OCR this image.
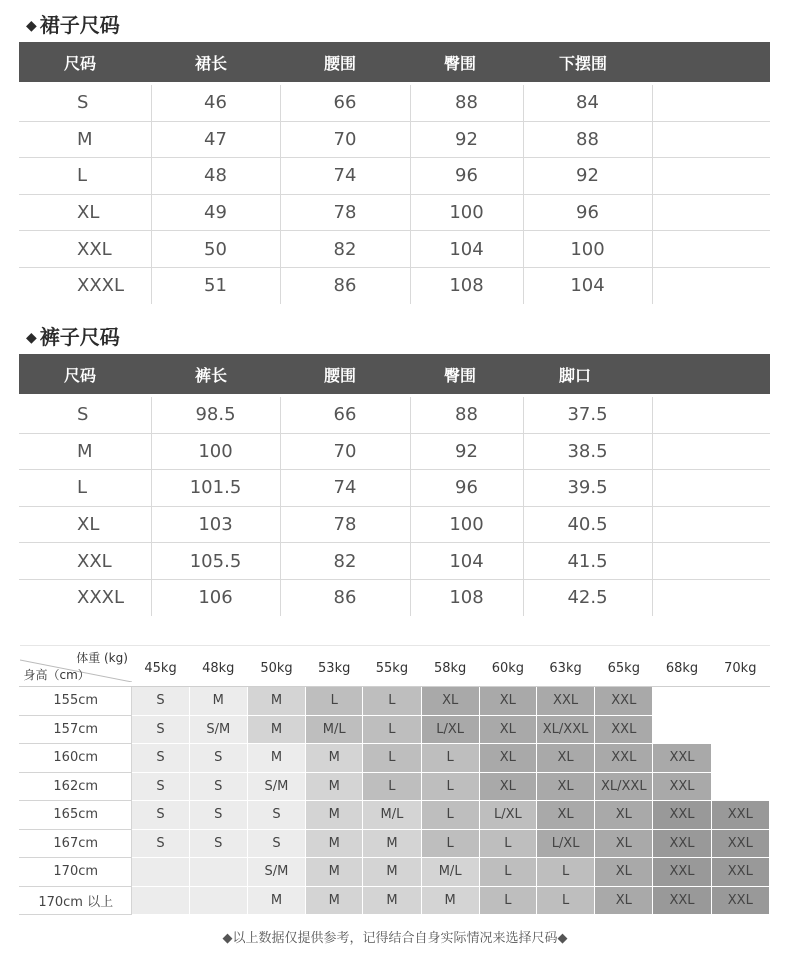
◆ 裙子尺码
尺码	裙长	腰围	臀围	下摆围	

S	46	66	88	84	
M	47	70	92	88	
L	48	74	96	92	
XL	49	78	100	96	
XXL	50	82	104	100	
XXXL	51	86	108	104	
◆ 裤子尺码
尺码	裤长	腰围	臀围	脚口	

S	98.5	66	88	37.5	
M	100	70	92	38.5	
L	101.5	74	96	39.5	
XL	103	78	100	40.5	
XXL	105.5	82	104	41.5	
XXXL	106	86	108	42.5	
体重 (kg)
身高（cm）	45kg	48kg	50kg	53kg	55kg	58kg	60kg	63kg	65kg	68kg	70kg
155cm	S	M	M	L	L	XL	XL	XXL	XXL		
157cm	S	S/M	M	M/L	L	L/XL	XL	XL/XXL	XXL		
160cm	S	S	M	M	L	L	XL	XL	XXL	XXL	
162cm	S	S	S/M	M	L	L	XL	XL	XL/XXL	XXL	
165cm	S	S	S	M	M/L	L	L/XL	XL	XL	XXL	XXL
167cm	S	S	S	M	M	L	L	L/XL	XL	XXL	XXL
170cm			S/M	M	M	M/L	L	L	XL	XXL	XXL
170cm 以上			M	M	M	M	L	L	XL	XXL	XXL
◆以上数据仅提供参考，记得结合自身实际情况来选择尺码◆
